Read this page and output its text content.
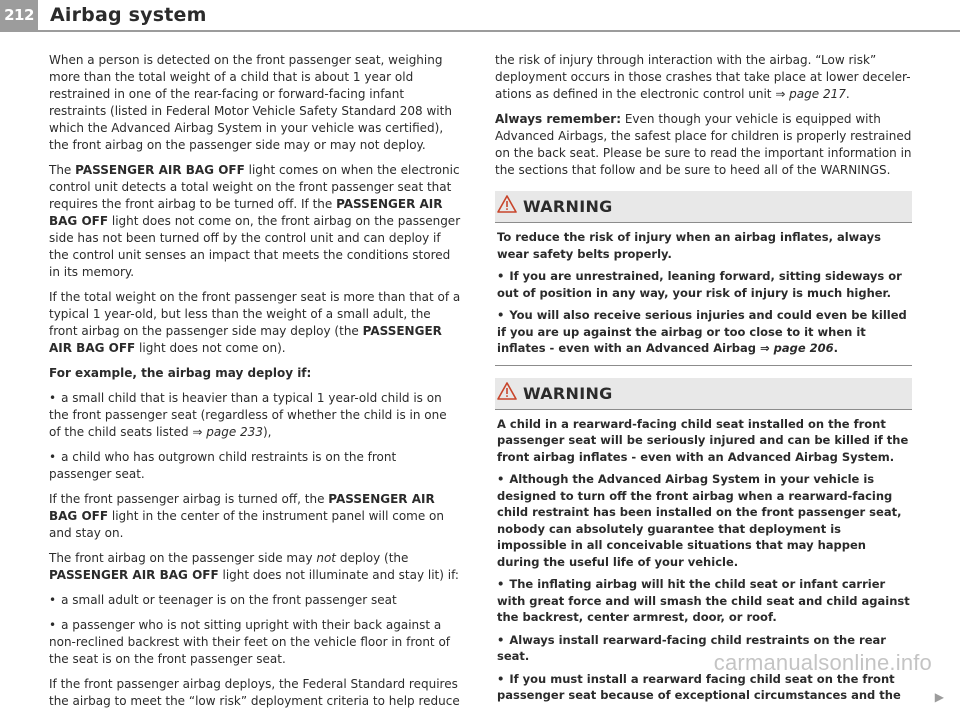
212 Airbag system

When a person is detected on the front passenger seat, weighing more than the total weight of a child that is about 1 year old restrained in one of the rear-facing or forward-facing infant restraints (listed in Federal Motor Vehicle Safety Standard 208 with which the Advanced Airbag System in your vehicle was certified), the front airbag on the passenger side may or may not deploy.

The PASSENGER AIR BAG OFF light comes on when the electronic control unit detects a total weight on the front passenger seat that requires the front airbag to be turned off. If the PASSENGER AIR BAG OFF light does not come on, the front airbag on the passenger side has not been turned off by the control unit and can deploy if the control unit senses an impact that meets the conditions stored in its memory.

If the total weight on the front passenger seat is more than that of a typical 1 year-old, but less than the weight of a small adult, the front airbag on the passenger side may deploy (the PASSENGER AIR BAG OFF light does not come on).

For example, the airbag may deploy if:

• a small child that is heavier than a typical 1 year-old child is on the front passenger seat (regardless of whether the child is in one of the child seats listed ⇒ page 233),

• a child who has outgrown child restraints is on the front passenger seat.

If the front passenger airbag is turned off, the PASSENGER AIR BAG OFF light in the center of the instrument panel will come on and stay on.

The front airbag on the passenger side may not deploy (the PASSENGER AIR BAG OFF light does not illuminate and stay lit) if:

• a small adult or teenager is on the front passenger seat

• a passenger who is not sitting upright with their back against a non-reclined backrest with their feet on the vehicle floor in front of the seat is on the front passenger seat.

If the front passenger airbag deploys, the Federal Standard requires the airbag to meet the “low risk” deployment criteria to help reduce

the risk of injury through interaction with the airbag. “Low risk” deployment occurs in those crashes that take place at lower deceler-ations as defined in the electronic control unit ⇒ page 217.

Always remember: Even though your vehicle is equipped with Advanced Airbags, the safest place for children is properly restrained on the back seat. Please be sure to read the important information in the sections that follow and be sure to heed all of the WARNINGS.

WARNING

To reduce the risk of injury when an airbag inflates, always wear safety belts properly.

• If you are unrestrained, leaning forward, sitting sideways or out of position in any way, your risk of injury is much higher.

• You will also receive serious injuries and could even be killed if you are up against the airbag or too close to it when it inflates - even with an Advanced Airbag ⇒ page 206.

WARNING

A child in a rearward-facing child seat installed on the front passenger seat will be seriously injured and can be killed if the front airbag inflates - even with an Advanced Airbag System.

• Although the Advanced Airbag System in your vehicle is designed to turn off the front airbag when a rearward-facing child restraint has been installed on the front passenger seat, nobody can absolutely guarantee that deployment is impossible in all conceivable situations that may happen during the useful life of your vehicle.

• The inflating airbag will hit the child seat or infant carrier with great force and will smash the child seat and child against the backrest, center armrest, door, or roof.

• Always install rearward-facing child restraints on the rear seat.

• If you must install a rearward facing child seat on the front passenger seat because of exceptional circumstances and the	▶
carmanualsonline.info
